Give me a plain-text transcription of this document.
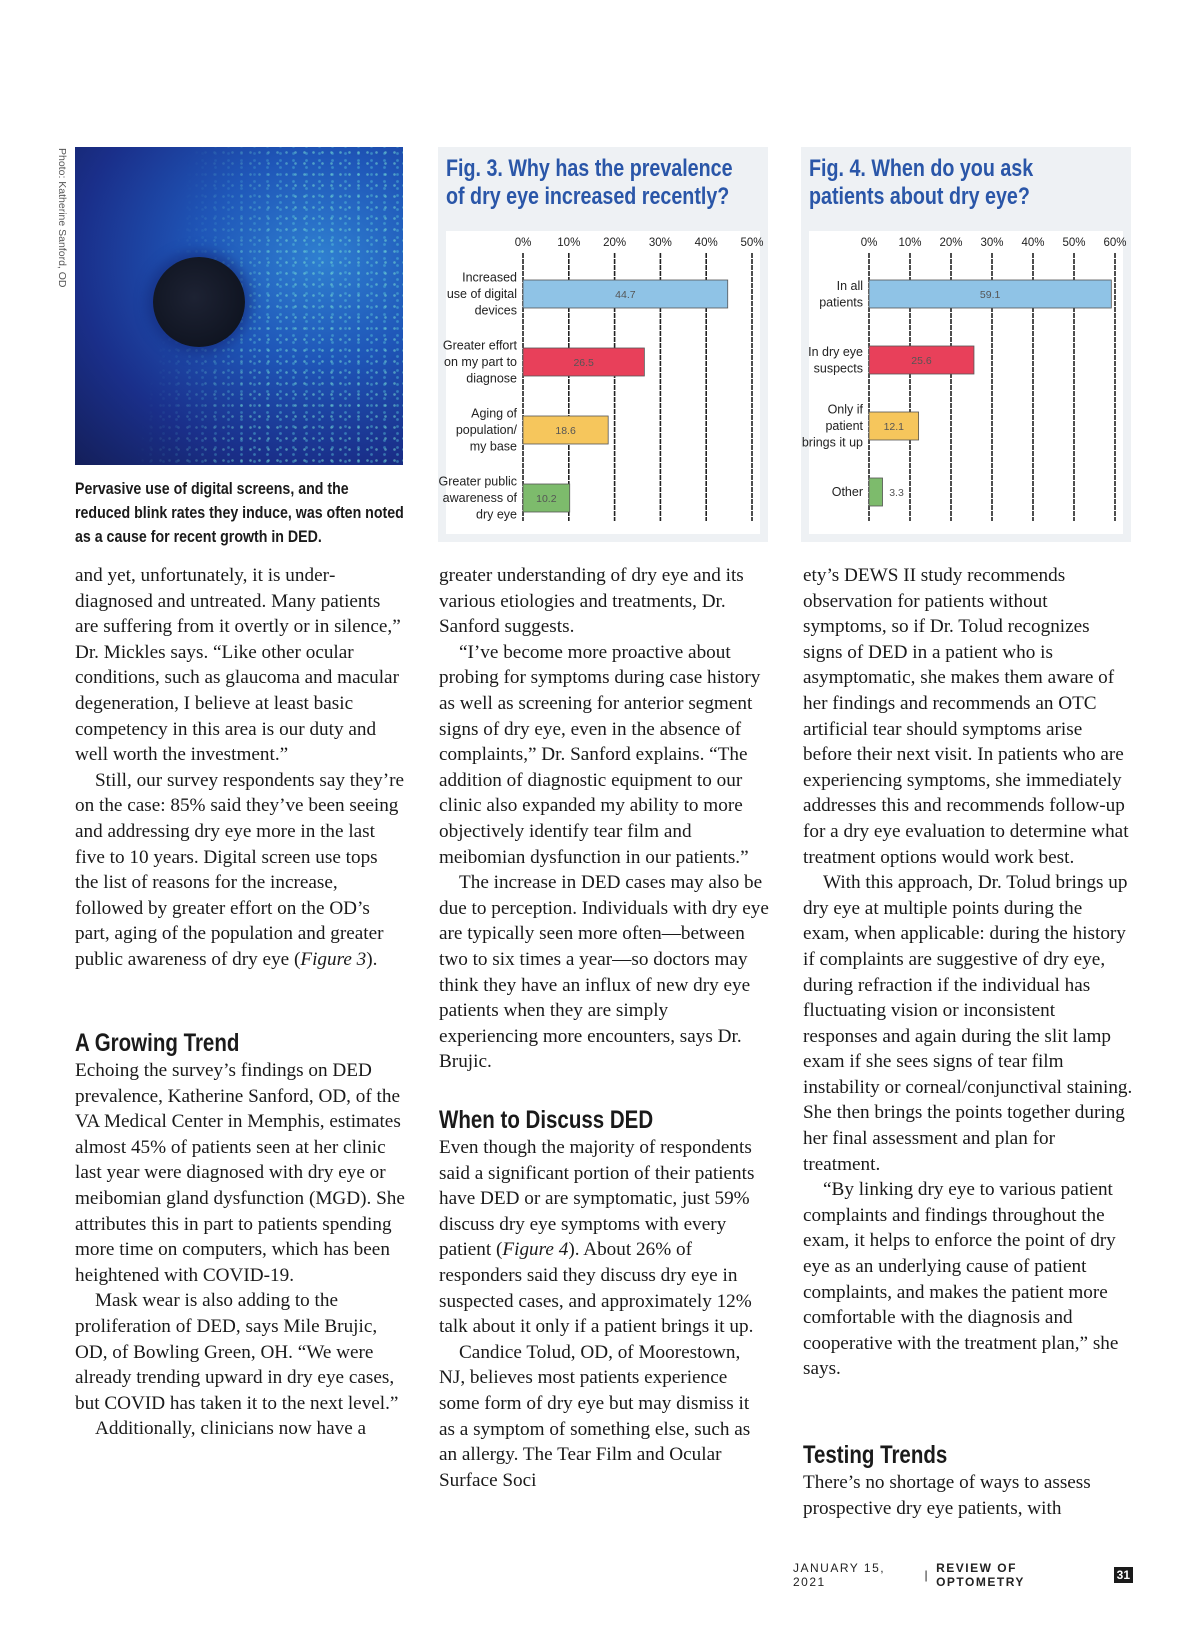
Photo: Katherine Sanford, OD
Pervasive use of digital screens, and the reduced blink rates they induce, was often noted as a cause for recent growth in DED.
Fig. 3. Why has the prevalence
of dry eye increased recently?
0% 10% 20% 30% 40% 50%
44.7
Increased
use of digital
devices
26.5
Greater effort
on my part to
diagnose
18.6
Aging of
population/
my base
10.2
Greater public
awareness of
dry eye
Fig. 4. When do you ask
patients about dry eye?
0% 10% 20% 30% 40% 50% 60%
59.1
In all
patients
25.6
In dry eye
suspects
12.1
Only if
patient
brings it up
3.3
Other

and yet, unfortunately, it is underdiagnosed and untreated. Many patients are suffering from it overtly or in silence,” Dr. Mickles says. “Like other ocular conditions, such as glaucoma and macular degeneration, I believe at least basic competency in this area is our duty and well worth the investment.”

Still, our survey respondents say they’re on the case: 85% said they’ve been seeing and addressing dry eye more in the last five to 10 years. Digital screen use tops the list of reasons for the increase, followed by greater effort on the OD’s part, aging of the population and greater public awareness of dry eye (Figure 3).

A Growing Trend

Echoing the survey’s findings on DED prevalence, Katherine Sanford, OD, of the VA Medical Center in Memphis, estimates almost 45% of patients seen at her clinic last year were diagnosed with dry eye or meibomian gland dysfunction (MGD). She attributes this in part to patients spending more time on computers, which has been heightened with COVID-19.

Mask wear is also adding to the proliferation of DED, says Mile Brujic, OD, of Bowling Green, OH. “We were already trending upward in dry eye cases, but COVID has taken it to the next level.”

Additionally, clinicians now have a

greater understanding of dry eye and its various etiologies and treatments, Dr. Sanford suggests.

“I’ve become more proactive about probing for symptoms during case history as well as screening for anterior segment signs of dry eye, even in the absence of complaints,” Dr. Sanford explains. “The addition of diagnostic equipment to our clinic also expanded my ability to more objectively identify tear film and meibomian dysfunction in our patients.”

The increase in DED cases may also be due to perception. Individuals with dry eye are typically seen more often—between two to six times a year—so doctors may think they have an influx of new dry eye patients when they are simply experiencing more encounters, says Dr. Brujic.

When to Discuss DED

Even though the majority of respondents said a significant portion of their patients have DED or are symptomatic, just 59% discuss dry eye symptoms with every patient (Figure 4). About 26% of responders said they discuss dry eye in suspected cases, and approximately 12% talk about it only if a patient brings it up.

Candice Tolud, OD, of Moorestown, NJ, believes most patients experience some form of dry eye but may dismiss it as a symptom of something else, such as an allergy. The Tear Film and Ocular Surface Soci

ety’s DEWS II study recommends observation for patients without symptoms, so if Dr. Tolud recognizes signs of DED in a patient who is asymptomatic, she makes them aware of her findings and recommends an OTC artificial tear should symptoms arise before their next visit. In patients who are experiencing symptoms, she immediately addresses this and recommends follow-up for a dry eye evaluation to determine what treatment options would work best.

With this approach, Dr. Tolud brings up dry eye at multiple points during the exam, when applicable: during the history if complaints are suggestive of dry eye, during refraction if the individual has fluctuating vision or inconsistent responses and again during the slit lamp exam if she sees signs of tear film instability or corneal/conjunctival staining. She then brings the points together during her final assessment and plan for treatment.

“By linking dry eye to various patient complaints and findings throughout the exam, it helps to enforce the point of dry eye as an underlying cause of patient complaints, and makes the patient more comfortable with the diagnosis and cooperative with the treatment plan,” she says.

Testing Trends

There’s no shortage of ways to assess prospective dry eye patients, with

JANUARY 15, 2021	| REVIEW OF OPTOMETRY	31
